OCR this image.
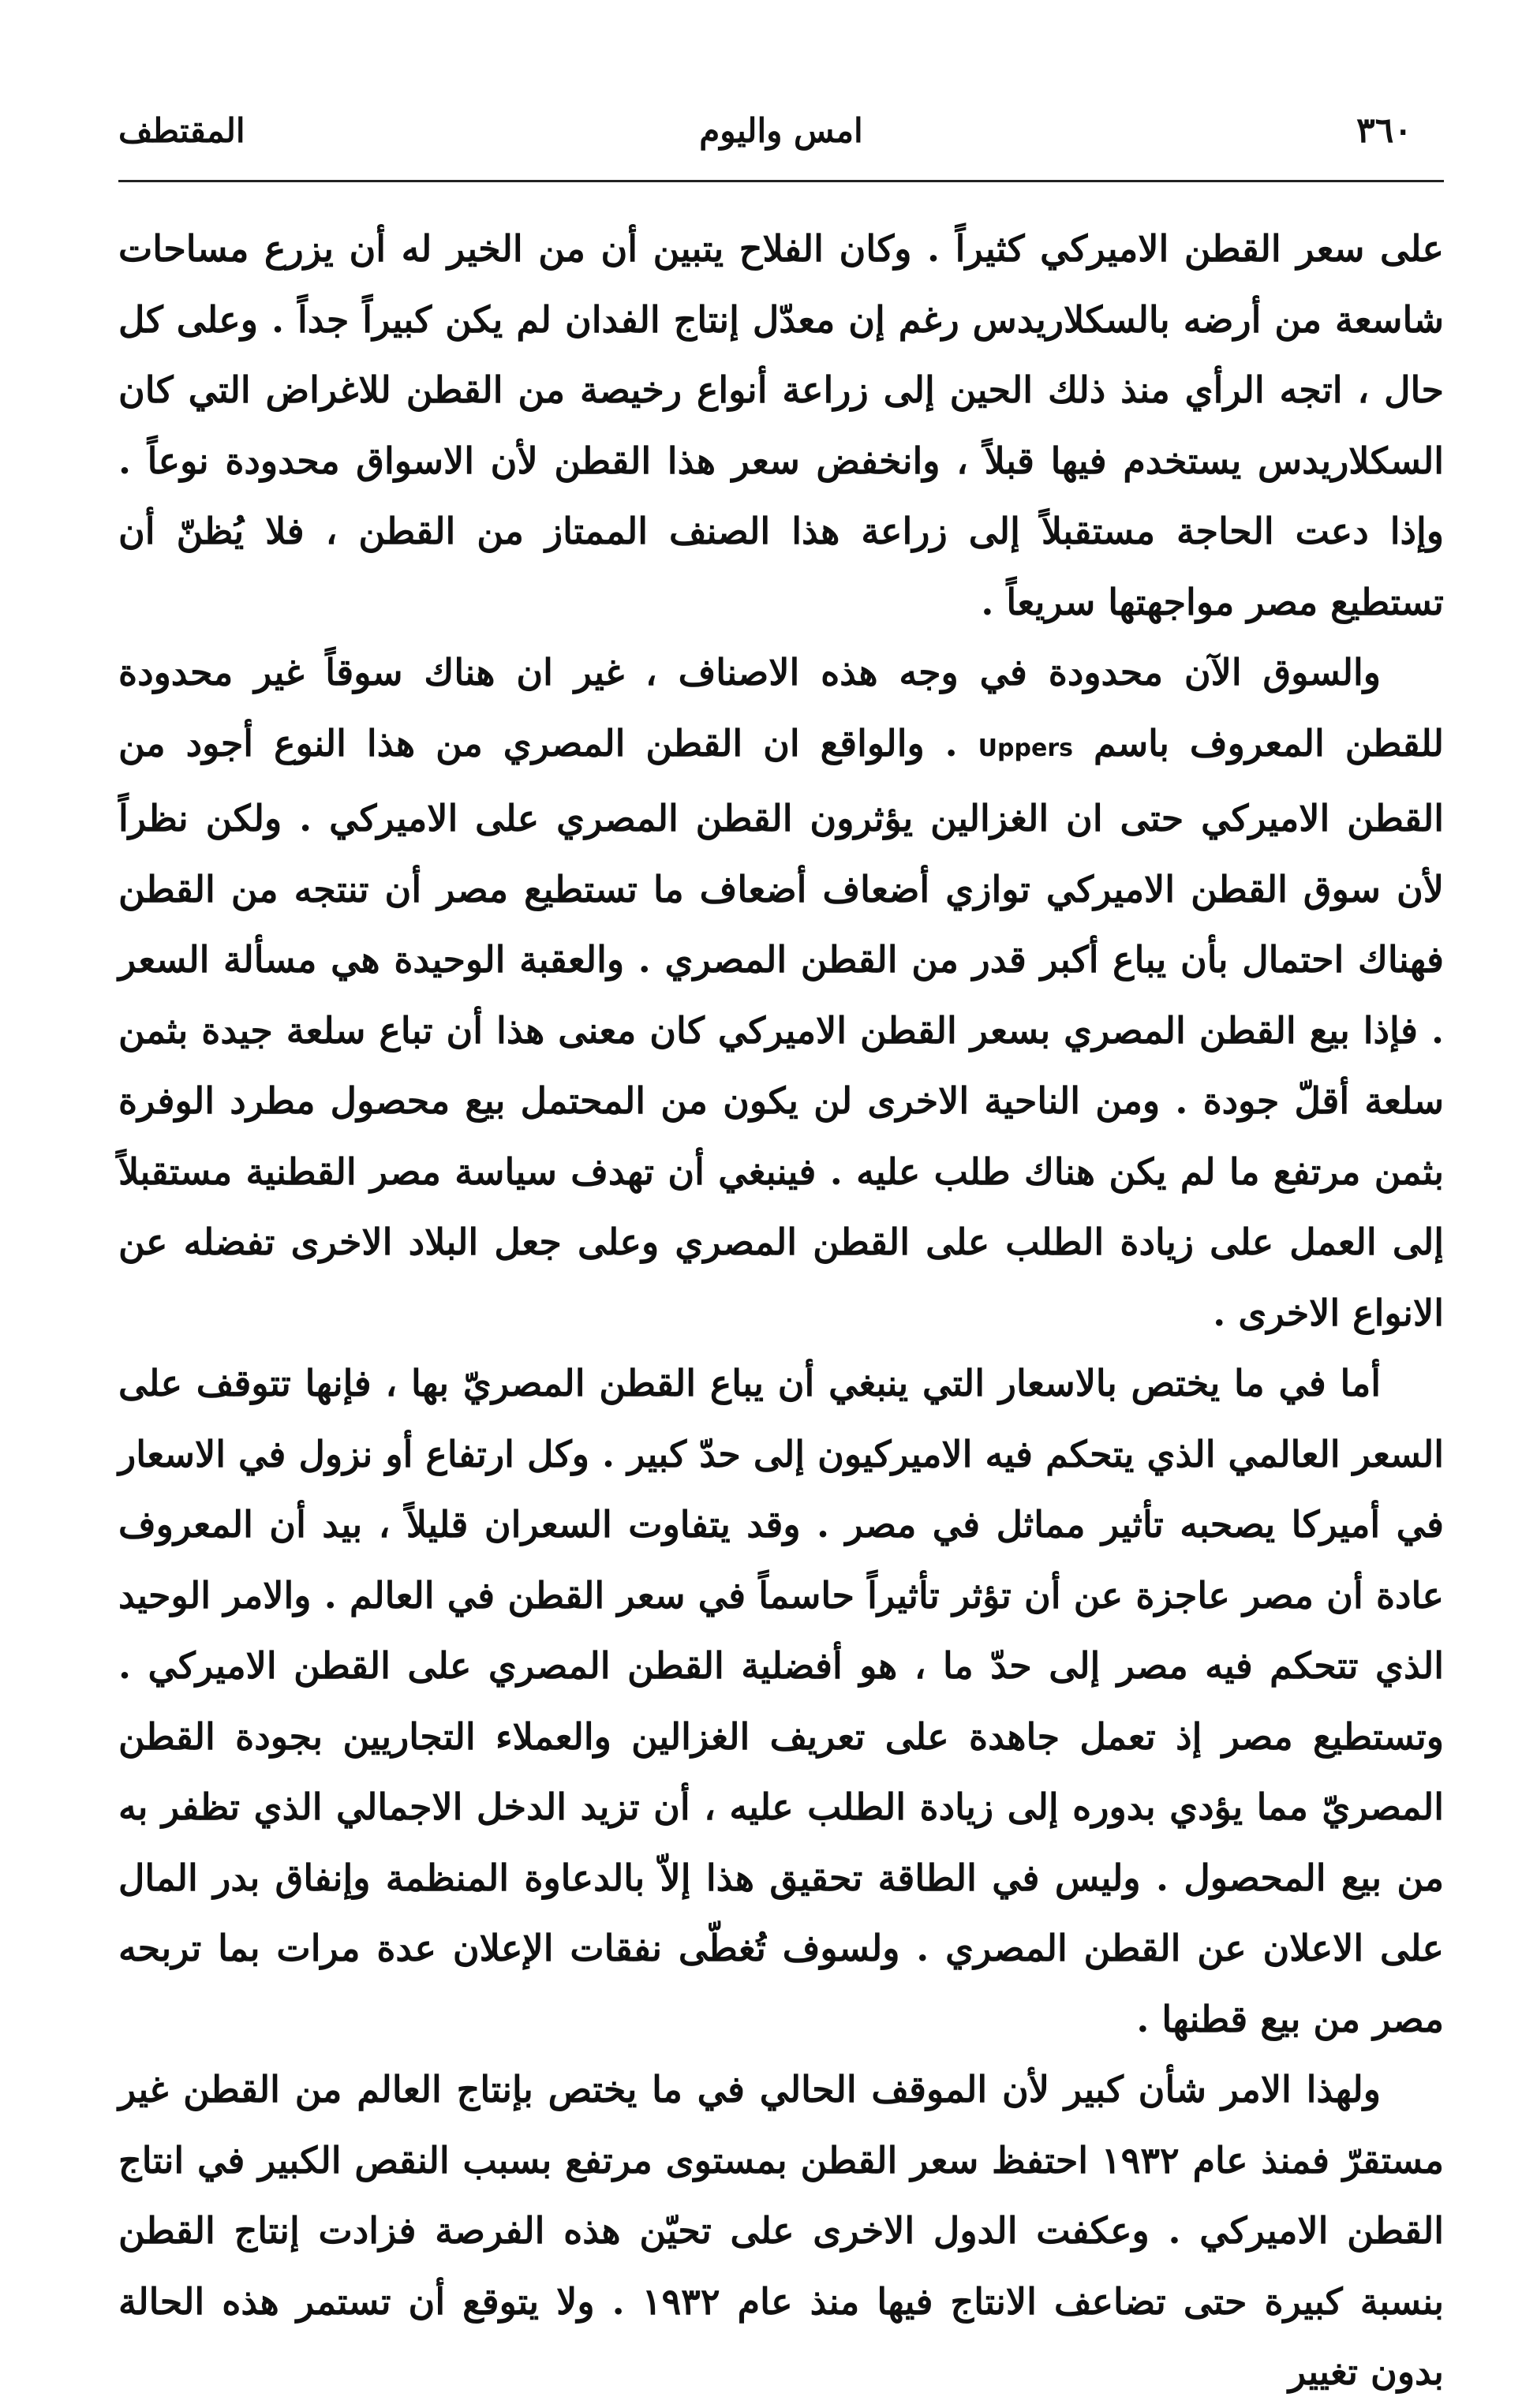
٣٦٠
امس واليوم
المقتطف

على سعر القطن الاميركي كثيراً . وكان الفلاح يتبين أن من الخير له أن يزرع مساحات شاسعة من أرضه بالسكلاريدس رغم إن معدّل إنتاج الفدان لم يكن كبيراً جداً . وعلى كل حال ، اتجه الرأي منذ ذلك الحين إلى زراعة أنواع رخيصة من القطن للاغراض التي كان السكلاريدس يستخدم فيها قبلاً ، وانخفض سعر هذا القطن لأن الاسواق محدودة نوعاً . وإذا دعت الحاجة مستقبلاً إلى زراعة هذا الصنف الممتاز من القطن ، فلا يُظنّ أن تستطيع مصر مواجهتها سريعاً .

والسوق الآن محدودة في وجه هذه الاصناف ، غير ان هناك سوقاً غير محدودة للقطن المعروف باسم Uppers . والواقع ان القطن المصري من هذا النوع أجود من القطن الاميركي حتى ان الغزالين يؤثرون القطن المصري على الاميركي . ولكن نظراً لأن سوق القطن الاميركي توازي أضعاف أضعاف ما تستطيع مصر أن تنتجه من القطن فهناك احتمال بأن يباع أكبر قدر من القطن المصري . والعقبة الوحيدة هي مسألة السعر . فإذا بيع القطن المصري بسعر القطن الاميركي كان معنى هذا أن تباع سلعة جيدة بثمن سلعة أقلّ جودة . ومن الناحية الاخرى لن يكون من المحتمل بيع محصول مطرد الوفرة بثمن مرتفع ما لم يكن هناك طلب عليه . فينبغي أن تهدف سياسة مصر القطنية مستقبلاً إلى العمل على زيادة الطلب على القطن المصري وعلى جعل البلاد الاخرى تفضله عن الانواع الاخرى .

أما في ما يختص بالاسعار التي ينبغي أن يباع القطن المصريّ بها ، فإنها تتوقف على السعر العالمي الذي يتحكم فيه الاميركيون إلى حدّ كبير . وكل ارتفاع أو نزول في الاسعار في أميركا يصحبه تأثير مماثل في مصر . وقد يتفاوت السعران قليلاً ، بيد أن المعروف عادة أن مصر عاجزة عن أن تؤثر تأثيراً حاسماً في سعر القطن في العالم . والامر الوحيد الذي تتحكم فيه مصر إلى حدّ ما ، هو أفضلية القطن المصري على القطن الاميركي . وتستطيع مصر إذ تعمل جاهدة على تعريف الغزالين والعملاء التجاريين بجودة القطن المصريّ مما يؤدي بدوره إلى زيادة الطلب عليه ، أن تزيد الدخل الاجمالي الذي تظفر به من بيع المحصول . وليس في الطاقة تحقيق هذا إلاّ بالدعاوة المنظمة وإنفاق بدر المال على الاعلان عن القطن المصري . ولسوف تُغطّى نفقات الإعلان عدة مرات بما تربحه مصر من بيع قطنها .

ولهذا الامر شأن كبير لأن الموقف الحالي في ما يختص بإنتاج العالم من القطن غير مستقرّ فمنذ عام ١٩٣٢ احتفظ سعر القطن بمستوى مرتفع بسبب النقص الكبير في انتاج القطن الاميركي . وعكفت الدول الاخرى على تحيّن هذه الفرصة فزادت إنتاج القطن بنسبة كبيرة حتى تضاعف الانتاج فيها منذ عام ١٩٣٢ . ولا يتوقع أن تستمر هذه الحالة بدون تغيير
